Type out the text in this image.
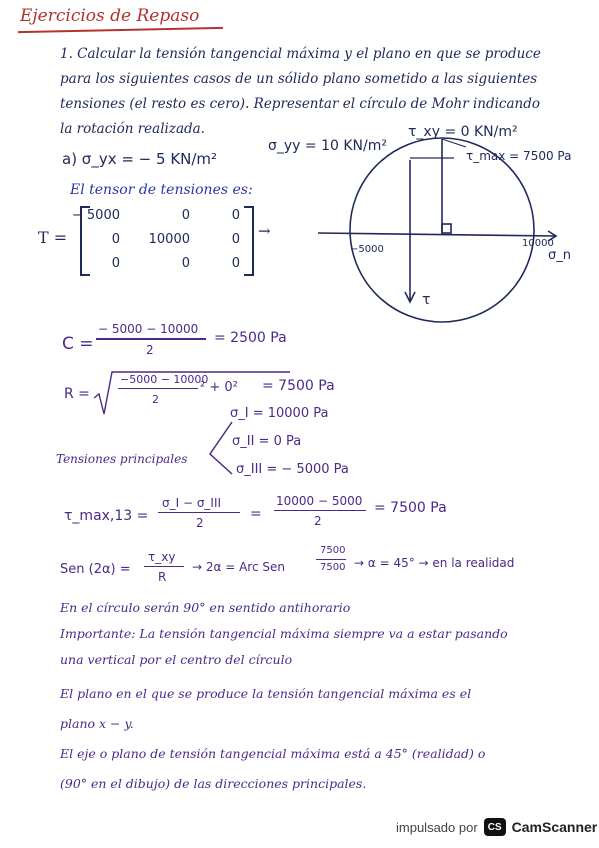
Ejercicios de Repaso
1. Calcular la tensión tangencial máxima y el plano en que se produce
para los siguientes casos de un sólido plano sometido a las siguientes
tensiones (el resto es cero). Representar el círculo de Mohr indicando
la rotación realizada.
a) σ_yx = − 5 KN/m²
σ_yy = 10 KN/m²
τ_xy = 0 KN/m²
El tensor de tensiones es:
T =
− 5000	0	0
0	10000	0
0	0	0
→
−5000
10000
σ_n
τ
τ_max = 7500 Pa
C =
− 5000 − 10000
2
= 2500 Pa
R =
−5000 − 10000
2
² + 0² = 7500 Pa
Tensiones principales
σ_I = 10000 Pa
σ_II = 0 Pa
σ_III = − 5000 Pa
τ_max,13 =
σ_I − σ_III
2
=
10000 − 5000
2
= 7500 Pa
Sen (2α) =
τ_xy
R
→ 2α = Arc Sen
7500
7500 → α = 45° → en la realidad
En el círculo serán 90° en sentido antihorario
Importante: La tensión tangencial máxima siempre va a estar pasando
una vertical por el centro del círculo
El plano en el que se produce la tensión tangencial máxima es el
plano x − y.
El eje o plano de tensión tangencial máxima está a 45° (realidad) o
(90° en el dibujo) de las direcciones principales.
impulsado por	CS CamScanner
